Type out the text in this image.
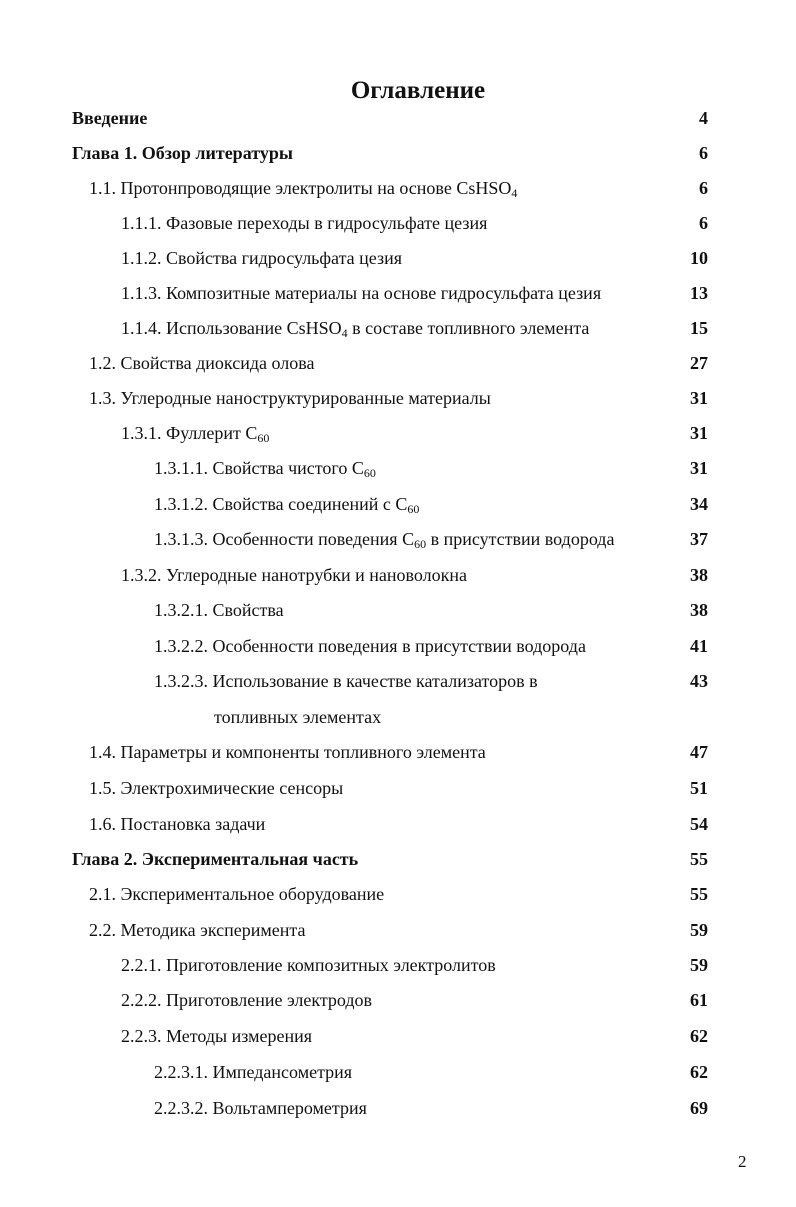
Оглавление
Введение	4
Глава 1. Обзор литературы	6
1.1. Протонпроводящие электролиты на основе CsHSO$_4$	6
1.1.1. Фазовые переходы в гидросульфате цезия	6
1.1.2. Свойства гидросульфата цезия	10
1.1.3. Композитные материалы на основе гидросульфата цезия	13
1.1.4. Использование CsHSO$_4$ в составе топливного элемента	15
1.2. Свойства диоксида олова	27
1.3. Углеродные наноструктурированные материалы	31
1.3.1. Фуллерит $C_{60}$	31
1.3.1.1. Свойства чистого $C_{60}$	31
1.3.1.2. Свойства соединений с $C_{60}$	34
1.3.1.3. Особенности поведения $C_{60}$ в присутствии водорода	37
1.3.2. Углеродные нанотрубки и нановолокна	38
1.3.2.1. Свойства	38
1.3.2.2. Особенности поведения в присутствии водорода	41
1.3.2.3. Использование в качестве катализаторов в	43
топливных элементах
1.4. Параметры и компоненты топливного элемента	47
1.5. Электрохимические сенсоры	51
1.6. Постановка задачи	54
Глава 2. Экспериментальная часть	55
2.1. Экспериментальное оборудование	55
2.2. Методика эксперимента	59
2.2.1. Приготовление композитных электролитов	59
2.2.2. Приготовление электродов	61
2.2.3. Методы измерения	62
2.2.3.1. Импедансометрия	62
2.2.3.2. Вольтамперометрия	69
2
